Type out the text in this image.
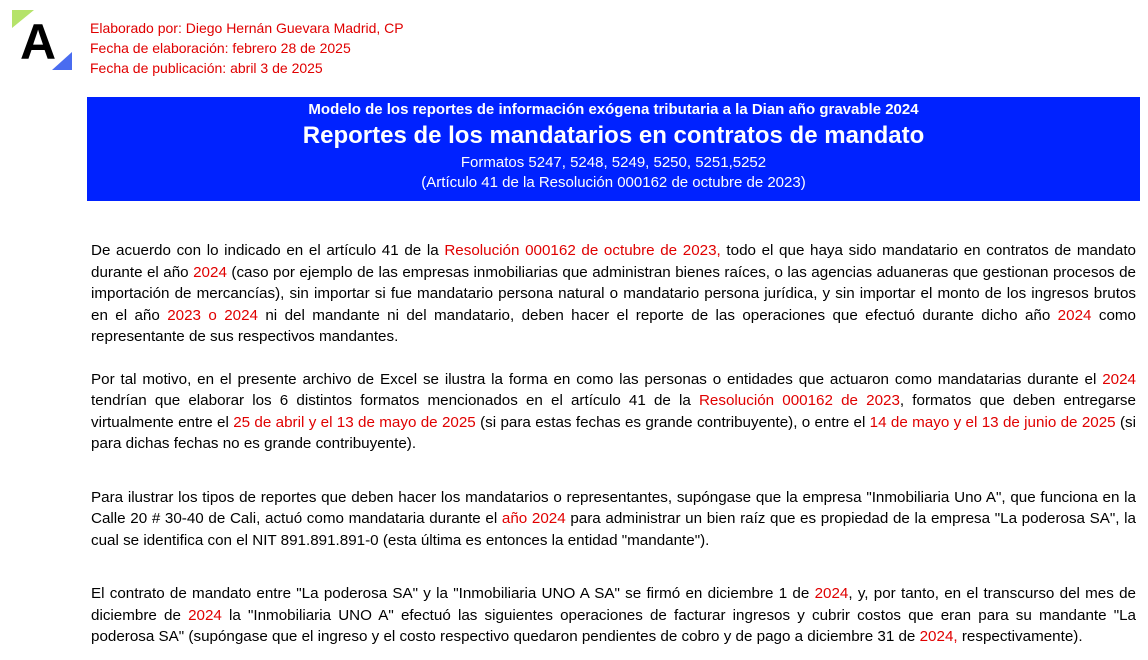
A Elaborado por: Diego Hernán Guevara Madrid, CP
Fecha de elaboración: febrero 28 de 2025
Fecha de publicación: abril 3 de 2025
Modelo de los reportes de información exógena tributaria a la Dian año gravable 2024
Reportes de los mandatarios en contratos de mandato
Formatos 5247, 5248, 5249, 5250, 5251,5252
(Artículo 41 de la Resolución 000162 de octubre de 2023)

De acuerdo con lo indicado en el artículo 41 de la Resolución 000162 de octubre de 2023, todo el que haya sido mandatario en contratos de mandato durante el año 2024 (caso por ejemplo de las empresas inmobiliarias que administran bienes raíces, o las agencias aduaneras que gestionan procesos de importación de mercancías), sin importar si fue mandatario persona natural o mandatario persona jurídica, y sin importar el monto de los ingresos brutos en el año 2023 o 2024 ni del mandante ni del mandatario, deben hacer el reporte de las operaciones que efectuó durante dicho año 2024 como representante de sus respectivos mandantes.

Por tal motivo, en el presente archivo de Excel se ilustra la forma en como las personas o entidades que actuaron como mandatarias durante el 2024 tendrían que elaborar los 6 distintos formatos mencionados en el artículo 41 de la Resolución 000162 de 2023, formatos que deben entregarse virtualmente entre el 25 de abril y el 13 de mayo de 2025 (si para estas fechas es grande contribuyente), o entre el 14 de mayo y el 13 de junio de 2025 (si para dichas fechas no es grande contribuyente).

Para ilustrar los tipos de reportes que deben hacer los mandatarios o representantes, supóngase que la empresa "Inmobiliaria Uno A", que funciona en la Calle 20 # 30-40 de Cali, actuó como mandataria durante el año 2024 para administrar un bien raíz que es propiedad de la empresa "La poderosa SA", la cual se identifica con el NIT 891.891.891-0 (esta última es entonces la entidad "mandante").

El contrato de mandato entre "La poderosa SA" y la "Inmobiliaria UNO A SA" se firmó en diciembre 1 de 2024, y, por tanto, en el transcurso del mes de diciembre de 2024 la "Inmobiliaria UNO A" efectuó las siguientes operaciones de facturar ingresos y cubrir costos que eran para su mandante "La poderosa SA" (supóngase que el ingreso y el costo respectivo quedaron pendientes de cobro y de pago a diciembre 31 de 2024, respectivamente).
